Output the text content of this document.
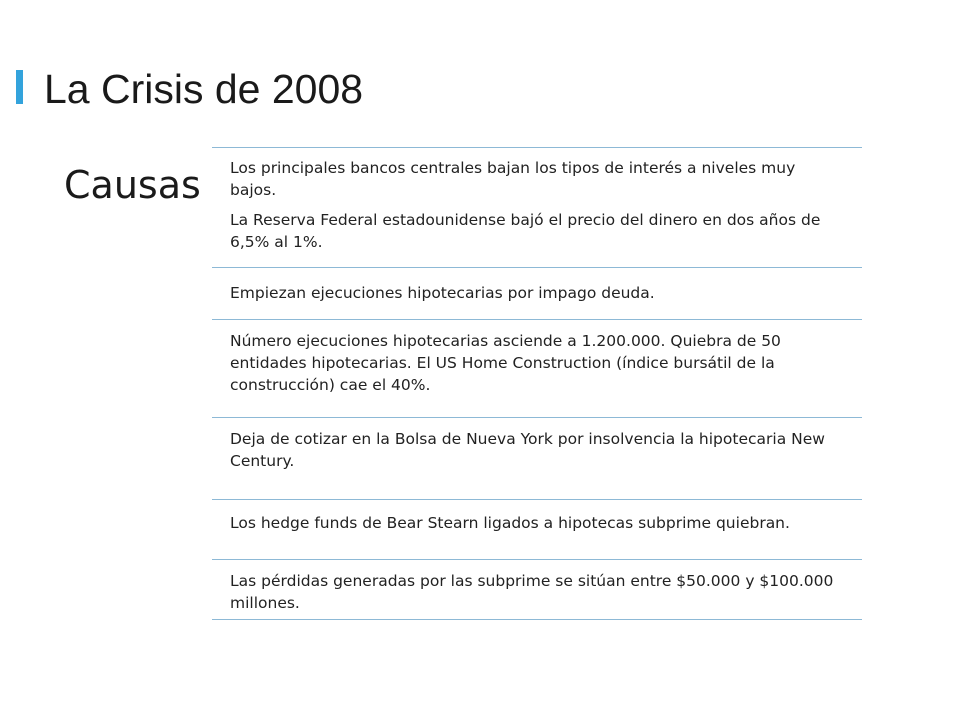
La Crisis de 2008
Causas Los principales bancos centrales bajan los tipos de interés a niveles muy bajos.

La Reserva Federal estadounidense bajó el precio del dinero en dos años de 6,5% al 1%.

Empiezan ejecuciones hipotecarias por impago deuda.

Número ejecuciones hipotecarias asciende a 1.200.000. Quiebra de 50 entidades hipotecarias. El US Home Construction (índice bursátil de la construcción) cae el 40%.

Deja de cotizar en la Bolsa de Nueva York por insolvencia la hipotecaria New Century.

Los hedge funds de Bear Stearn ligados a hipotecas subprime quiebran.

Las pérdidas generadas por las subprime se sitúan entre $50.000 y $100.000 millones.
